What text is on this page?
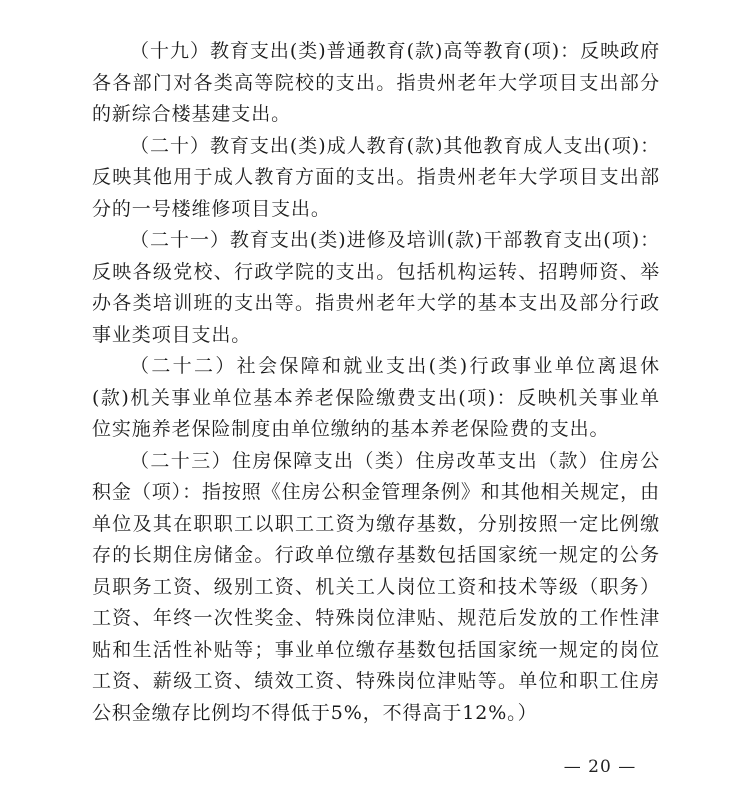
（十九）教育支出(类)普通教育(款)高等教育(项)：反映政府各各部门对各类高等院校的支出。指贵州老年大学项目支出部分的新综合楼基建支出。

（二十）教育支出(类)成人教育(款)其他教育成人支出(项)：反映其他用于成人教育方面的支出。指贵州老年大学项目支出部分的一号楼维修项目支出。

（二十一）教育支出(类)进修及培训(款)干部教育支出(项)：反映各级党校、行政学院的支出。包括机构运转、招聘师资、举办各类培训班的支出等。指贵州老年大学的基本支出及部分行政事业类项目支出。

（二十二）社会保障和就业支出(类)行政事业单位离退休(款)机关事业单位基本养老保险缴费支出(项)：反映机关事业单位实施养老保险制度由单位缴纳的基本养老保险费的支出。

（二十三）住房保障支出（类）住房改革支出（款）住房公积金（项）：指按照《住房公积金管理条例》和其他相关规定，由单位及其在职职工以职工工资为缴存基数，分别按照一定比例缴存的长期住房储金。行政单位缴存基数包括国家统一规定的公务员职务工资、级别工资、机关工人岗位工资和技术等级（职务）工资、年终一次性奖金、特殊岗位津贴、规范后发放的工作性津贴和生活性补贴等；事业单位缴存基数包括国家统一规定的岗位工资、薪级工资、绩效工资、特殊岗位津贴等。单位和职工住房公积金缴存比例均不得低于5%，不得高于12%。）

— 20 —
